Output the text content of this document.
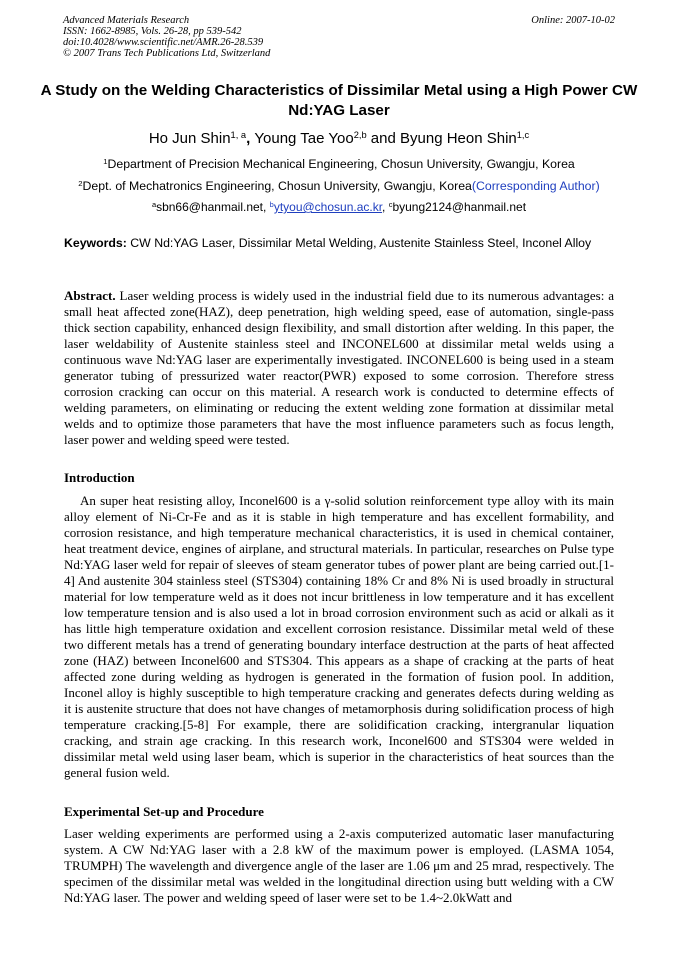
Advanced Materials Research
ISSN: 1662-8985, Vols. 26-28, pp 539-542
doi:10.4028/www.scientific.net/AMR.26-28.539
© 2007 Trans Tech Publications Ltd, Switzerland
Online: 2007-10-02
A Study on the Welding Characteristics of Dissimilar Metal using a High Power CW Nd:YAG Laser
Ho Jun Shin$^{1, a}$, Young Tae Yoo$^{2,b}$ and Byung Heon Shin$^{1,c}$
$^1$Department of Precision Mechanical Engineering, Chosun University, Gwangju, Korea
$^2$Dept. of Mechatronics Engineering, Chosun University, Gwangju, Korea(Corresponding Author)
$^a$sbn66@hanmail.net, $^b$ytyou@chosun.ac.kr, $^c$byung2124@hanmail.net
Keywords: CW Nd:YAG Laser, Dissimilar Metal Welding, Austenite Stainless Steel, Inconel Alloy
Abstract. Laser welding process is widely used in the industrial field due to its numerous advantages: a small heat affected zone(HAZ), deep penetration, high welding speed, ease of automation, single-pass thick section capability, enhanced design flexibility, and small distortion after welding. In this paper, the laser weldability of Austenite stainless steel and INCONEL600 at dissimilar metal welds using a continuous wave Nd:YAG laser are experimentally investigated. INCONEL600 is being used in a steam generator tubing of pressurized water reactor(PWR) exposed to some corrosion. Therefore stress corrosion cracking can occur on this material. A research work is conducted to determine effects of welding parameters, on eliminating or reducing the extent welding zone formation at dissimilar metal welds and to optimize those parameters that have the most influence parameters such as focus length, laser power and welding speed were tested.
Introduction

An super heat resisting alloy, Inconel600 is a γ-solid solution reinforcement type alloy with its main alloy element of Ni-Cr-Fe and as it is stable in high temperature and has excellent formability, and corrosion resistance, and high temperature mechanical characteristics, it is used in chemical container, heat treatment device, engines of airplane, and structural materials. In particular, researches on Pulse type Nd:YAG laser weld for repair of sleeves of steam generator tubes of power plant are being carried out.[1-4] And austenite 304 stainless steel (STS304) containing 18% Cr and 8% Ni is used broadly in structural material for low temperature weld as it does not incur brittleness in low temperature and it has excellent low temperature tension and is also used a lot in broad corrosion environment such as acid or alkali as it has little high temperature oxidation and excellent corrosion resistance. Dissimilar metal weld of these two different metals has a trend of generating boundary interface destruction at the parts of heat affected zone (HAZ) between Inconel600 and STS304. This appears as a shape of cracking at the parts of heat affected zone during welding as hydrogen is generated in the formation of fusion pool. In addition, Inconel alloy is highly susceptible to high temperature cracking and generates defects during welding as it is austenite structure that does not have changes of metamorphosis during solidification process of high temperature cracking.[5-8] For example, there are solidification cracking, intergranular liquation cracking, and strain age cracking. In this research work, Inconel600 and STS304 were welded in dissimilar metal weld using laser beam, which is superior in the characteristics of heat sources than the general fusion weld.

Experimental Set-up and Procedure

Laser welding experiments are performed using a 2-axis computerized automatic laser manufacturing system. A CW Nd:YAG laser with a 2.8 kW of the maximum power is employed. (LASMA 1054, TRUMPH) The wavelength and divergence angle of the laser are 1.06 μm and 25 mrad, respectively. The specimen of the dissimilar metal was welded in the longitudinal direction using butt welding with a CW Nd:YAG laser. The power and welding speed of laser were set to be 1.4~2.0kWatt and
